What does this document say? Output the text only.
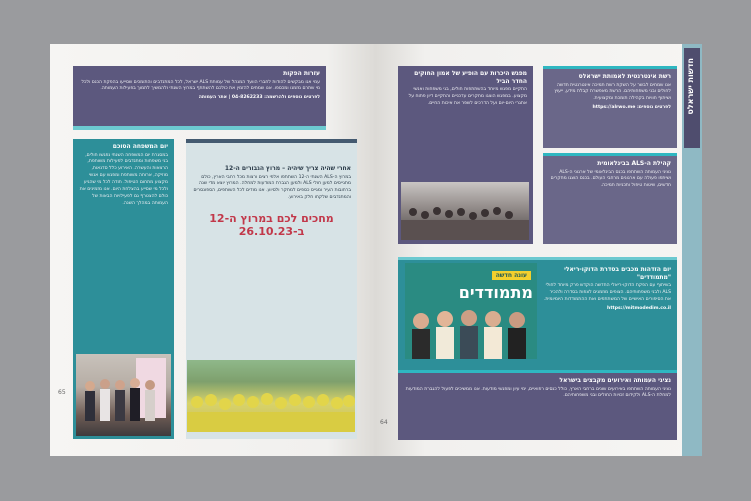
עזרות הפקות

עמי אנו מבקשים להודות לחברי הוועד המנהל של עמותת ALS ישראל, לכל המתנדבים והתומכים שסייעו בהפקת הכנס ולכל מי שתרם מזמנו ומכספו. אנו שמחים להזמין את כולכם להשתתף במרוץ השנתי ולהמשיך לתמוך בפעילות העמותה.

לפרטים נוספים ולהרשמה: 04-8262233 | אתר העמותה
יום המשפחה הסוכם

במסגרת יום המשפחה השנתי נפגשו חולים, בני משפחות ומתנדבים לפעילות משותפת, הרצאות והעשרה. האירוע כלל סדנאות, מוזיקה, ארוחה משותפת ומפגש עם אנשי מקצוע מתחום הטיפול. תודה לכל מי שהגיע ולכל מי שסייע בהצלחת היום. אנו מזמינים את כולם להצטרף גם לפעילויות הבאות של העמותה במהלך השנה.

אחרי שהיה צריך שיהיה – מרוץ הגבורים ה-12

במרוץ ה-ALS השנתי ה-12 השתתפו אלפי רצים ורצות מכל רחבי הארץ, כולם מתגייסים למען חולי ALS ולמען הגברת המודעות למחלה. המרוץ יוצא מדי שנה ברחובות העיר ומגייס כספים למחקר ולסיוע. אנו מודים לכל השותפים, הספונסרים והמתנדבים שלקחו חלק באירוע.

מחכים לכם במרוץ ה-12 ב-26.10.23
65
חדשות ישראלס
רשת אינטרנטית לאמותת ישראלס

אנו שמחים לבשר על השקת רשת תמיכה אינטרנטית חדשה לחולים ובני משפחותיהם. הרשת מאפשרת קבלת מידע, ייעוץ ושיתוף חוויות בקהילה תומכת ומקצועית.

לפרטים נוספים: https://alrwo.me
קהילת ה-ALS בבינלאומית

נציגי העמותה השתתפו בכנס הבינלאומי של ארגוני ה-ALS ושיתפו פעולה עם ארגונים מרחבי העולם. בכנס הוצגו מחקרים חדשים, שיטות טיפול ותכניות תמיכה.

מפגש היכרות עם הופיע של אמון החוקים החדר הביל

התקיים מפגש מיוחד בהשתתפות חולים, בני משפחות ואנשי מקצוע. במפגש הוצגו מחקרים עדכניים והתקיים דיון פתוח על אתגרי היום-יום ועל הדרכים לשפר את איכות החיים.

יום הזדהות מכבים בסדרת הדוקו-ריאלי "מתמודדים"

בשיתוף עם הפקת הדוקו-ריאלי החדשה הוקדש פרק מיוחד לחולי ALS ולבני משפחותיהם. הצופים מוזמנים לצפות בסדרה ולהכיר את הסיפורים האישיים של המשתתפים ואת ההתמודדות היומיומית.

https://mitmodedim.co.il
עונה חדשה
מתמודדים
נציגי העמותה ואירועים מקבצים בישראל

נציגי העמותה השתתפו באירועים שונים ברחבי הארץ, כולל כנסים רפואיים, ימי עיון ומפגשי מודעות. אנו ממשיכים לפעול להגברת המודעות למחלת ה-ALS ולקידום זכויות החולים ובני משפחותיהם.

64
